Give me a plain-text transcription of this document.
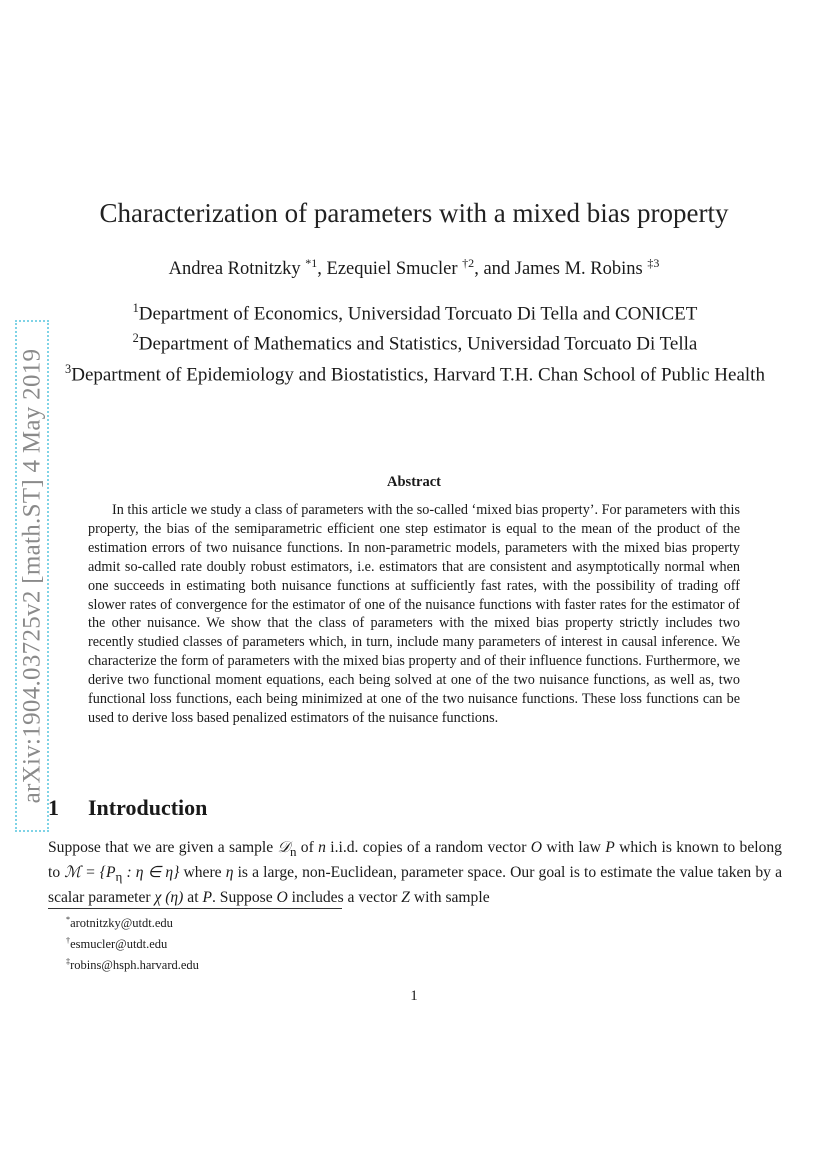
arXiv:1904.03725v2 [math.ST] 4 May 2019
Characterization of parameters with a mixed bias property
Andrea Rotnitzky $^{*1}$, Ezequiel Smucler $^{\dagger 2}$, and James M. Robins $^{\ddagger 3}$
$^1$Department of Economics, Universidad Torcuato Di Tella and CONICET
$^2$Department of Mathematics and Statistics, Universidad Torcuato Di Tella
$^3$Department of Epidemiology and Biostatistics, Harvard T.H. Chan School of Public Health
Abstract
In this article we study a class of parameters with the so-called ‘mixed bias property’. For parameters with this property, the bias of the semiparametric efficient one step estimator is equal to the mean of the product of the estimation errors of two nuisance functions. In non-parametric models, parameters with the mixed bias property admit so-called rate doubly robust estimators, i.e. estimators that are consistent and asymptotically normal when one succeeds in estimating both nuisance functions at sufficiently fast rates, with the possibility of trading off slower rates of convergence for the estimator of one of the nuisance functions with faster rates for the estimator of the other nuisance. We show that the class of parameters with the mixed bias property strictly includes two recently studied classes of parameters which, in turn, include many parameters of interest in causal inference. We characterize the form of parameters with the mixed bias property and of their influence functions. Furthermore, we derive two functional moment equations, each being solved at one of the two nuisance functions, as well as, two functional loss functions, each being minimized at one of the two nuisance functions. These loss functions can be used to derive loss based penalized estimators of the nuisance functions.
1 Introduction
Suppose that we are given a sample 𝒟$_n$ of n i.i.d. copies of a random vector O with law P which is known to belong to ℳ = {$P_\eta$ : η ∈ η} where η is a large, non-Euclidean, parameter space. Our goal is to estimate the value taken by a scalar parameter χ (η) at P. Suppose O includes a vector Z with sample
*arotnitzky@utdt.edu
†esmucler@utdt.edu
‡robins@hsph.harvard.edu
1
